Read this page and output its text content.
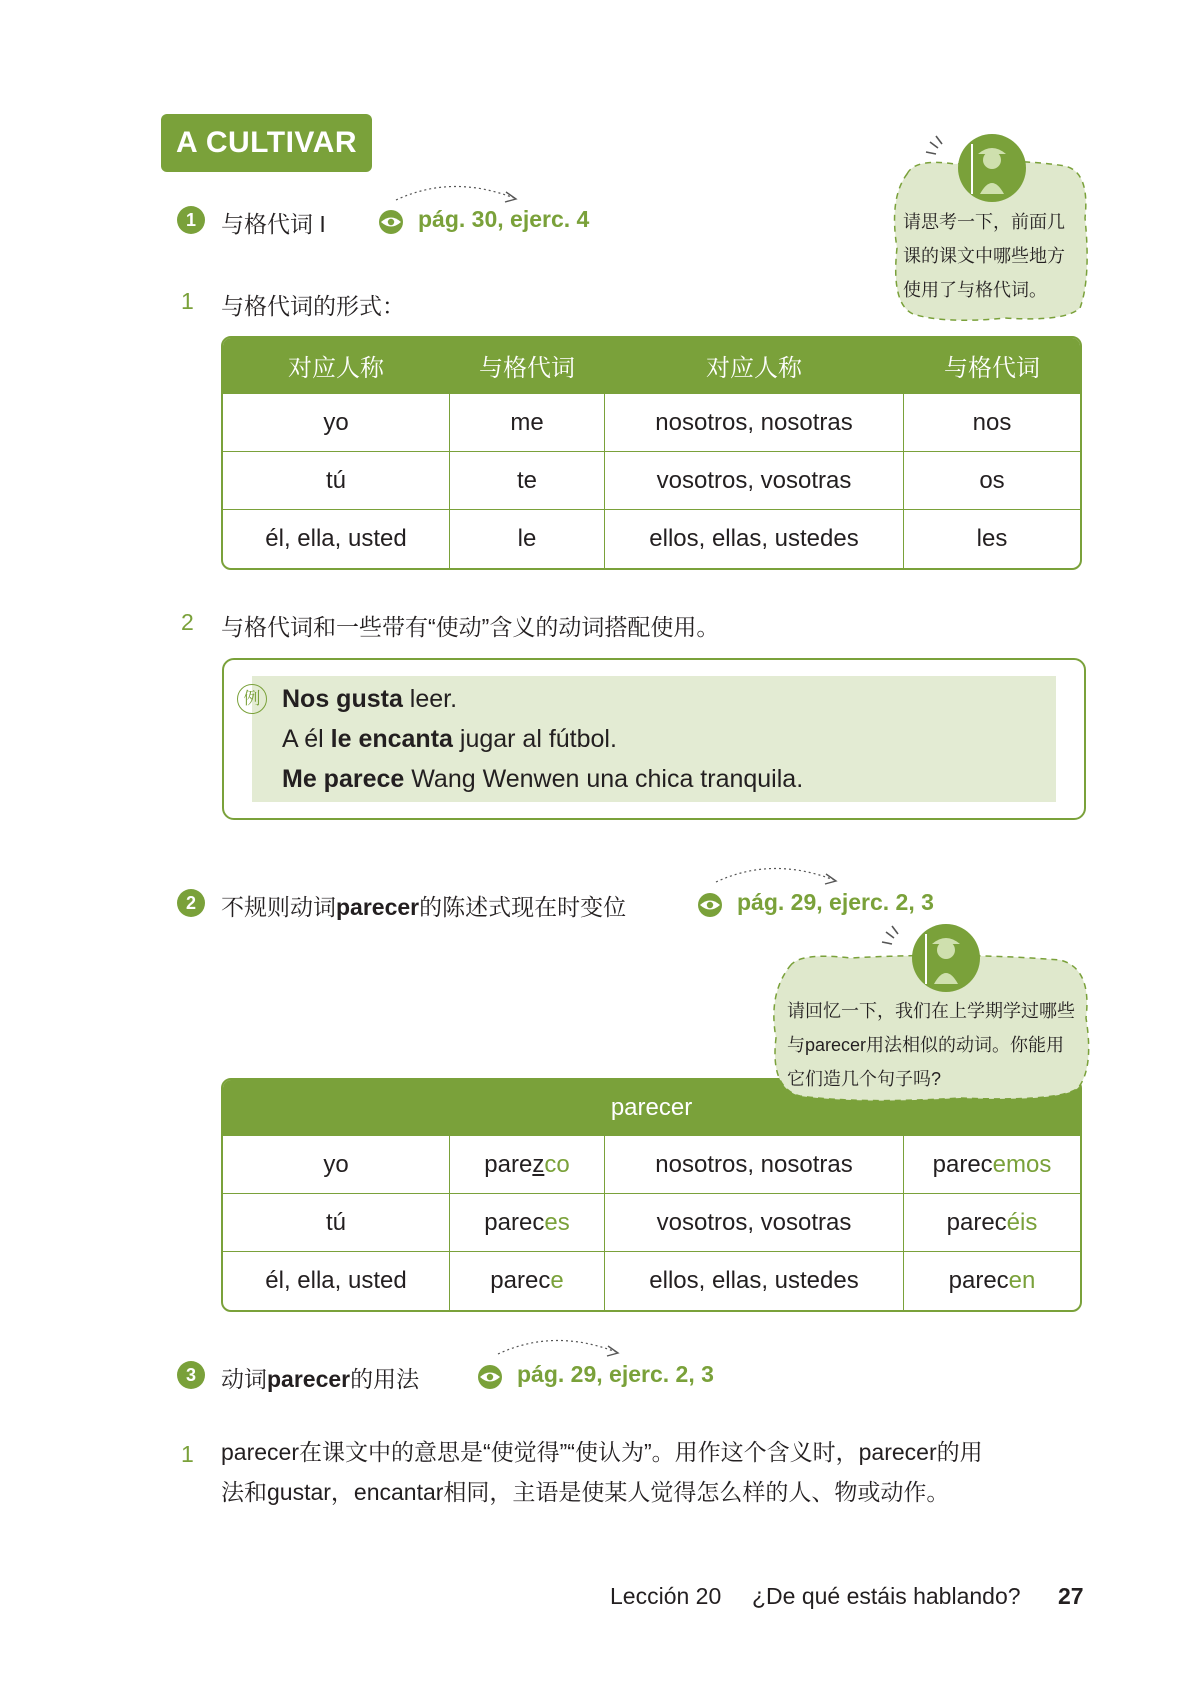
A CULTIVAR
1	与格代词 I	pág. 30, ejerc. 4	请思考一下，前面几
课的课文中哪些地方
使用了与格代词。
1 与格代词的形式：
对应人称	与格代词	对应人称	与格代词
yo	me	nosotros, nosotras	nos
tú	te	vosotros, vosotras	os
él, ella, usted	le	ellos, ellas, ustedes	les
2 与格代词和一些带有“使动”含义的动词搭配使用。
例 Nos gusta leer.
A él le encanta jugar al fútbol.
Me parece Wang Wenwen una chica tranquila.
2	不规则动词parecer的陈述式现在时变位	pág. 29, ejerc. 2, 3
parecer			
yo	parezco	nosotros, nosotras	parecemos
tú	pareces	vosotros, vosotras	parecéis
él, ella, usted	parece	ellos, ellas, ustedes	parecen
请回忆一下，我们在上学期学过哪些
与parecer用法相似的动词。你能用
它们造几个句子吗?
3	动词parecer的用法	pág. 29, ejerc. 2, 3
1 parecer在课文中的意思是“使觉得”“使认为”。用作这个含义时，parecer的用
法和gustar，encantar相同，主语是使某人觉得怎么样的人、物或动作。
Lección 20 ¿De qué estáis hablando? 27
